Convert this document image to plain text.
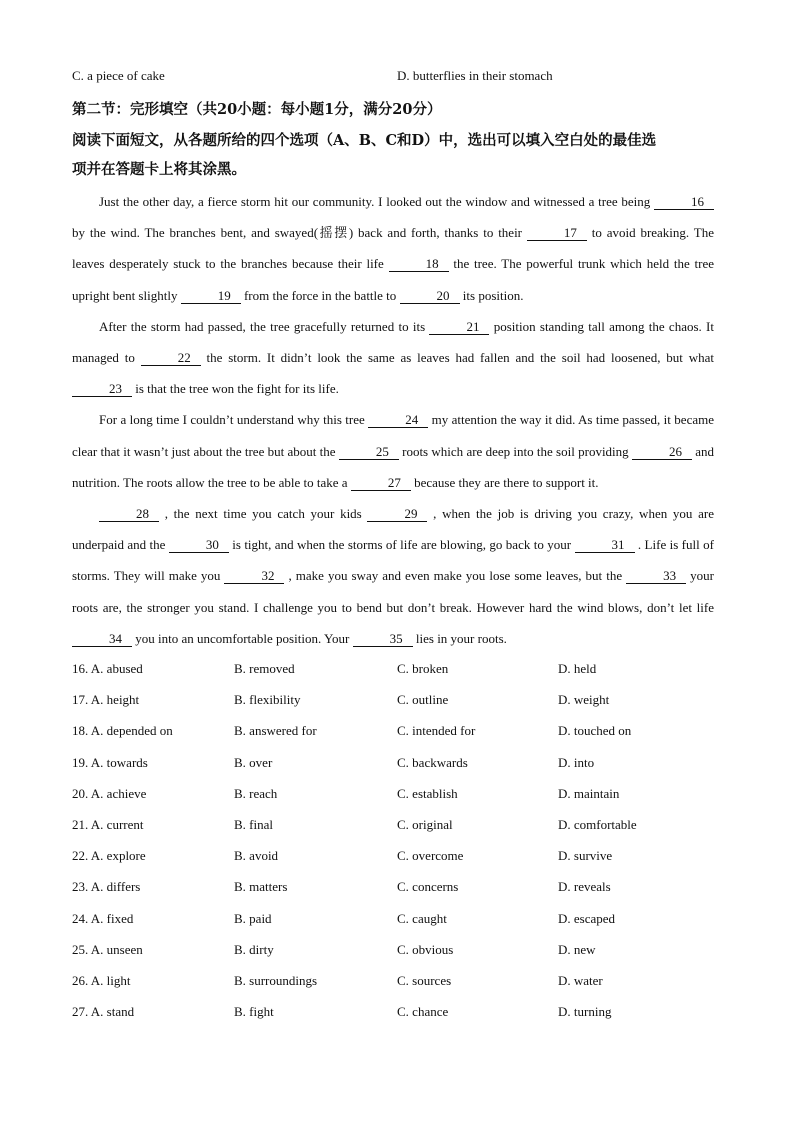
C. a piece of cake	D. butterflies in their stomach
第二节：完形填空（共20小题：每小题1分，满分20分）
阅读下面短文，从各题所给的四个选项（A、B、C和D）中，选出可以填入空白处的最佳选
项并在答题卡上将其涂黑。

Just the other day, a fierce storm hit our community. I looked out the window and witnessed a tree being	16 by the wind. The branches bent, and swayed(摇摆) back and forth, thanks to their	17 to avoid breaking. The leaves desperately stuck to the branches because their life	18 the tree. The powerful trunk which held the tree upright bent slightly	19 from the force in the battle to	20 its position.

After the storm had passed, the tree gracefully returned to its	21 position standing tall among the chaos. It managed to	22 the storm. It didn’t look the same as leaves had fallen and the soil had loosened, but what 23 is that the tree won the fight for its life.

For a long time I couldn’t understand why this tree	24 my attention the way it did. As time passed, it became clear that it wasn’t just about the tree but about the	25 roots which are deep into the soil providing	26 and nutrition. The roots allow the tree to be able to take a	27 because they are there to support it.

28 , the next time you catch your kids	29 , when the job is driving you crazy, when you are underpaid and the	30 is tight, and when the storms of life are blowing, go back to your	31 . Life is full of storms. They will make you	32 , make you sway and even make you lose some leaves, but the	33 your roots are, the stronger you stand. I challenge you to bend but don’t break. However hard the wind blows, don’t let life 34 you into an uncomfortable position. Your	35 lies in your roots.

16. A. abused	B. removed	C. broken	D. held
17. A. height	B. flexibility	C. outline	D. weight
18. A. depended on	B. answered for	C. intended for	D. touched on
19. A. towards	B. over	C. backwards	D. into
20. A. achieve	B. reach	C. establish	D. maintain
21. A. current	B. final	C. original	D. comfortable
22. A. explore	B. avoid	C. overcome	D. survive
23. A. differs	B. matters	C. concerns	D. reveals
24. A. fixed	B. paid	C. caught	D. escaped
25. A. unseen	B. dirty	C. obvious	D. new
26. A. light	B. surroundings	C. sources	D. water
27. A. stand	B. fight	C. chance	D. turning
